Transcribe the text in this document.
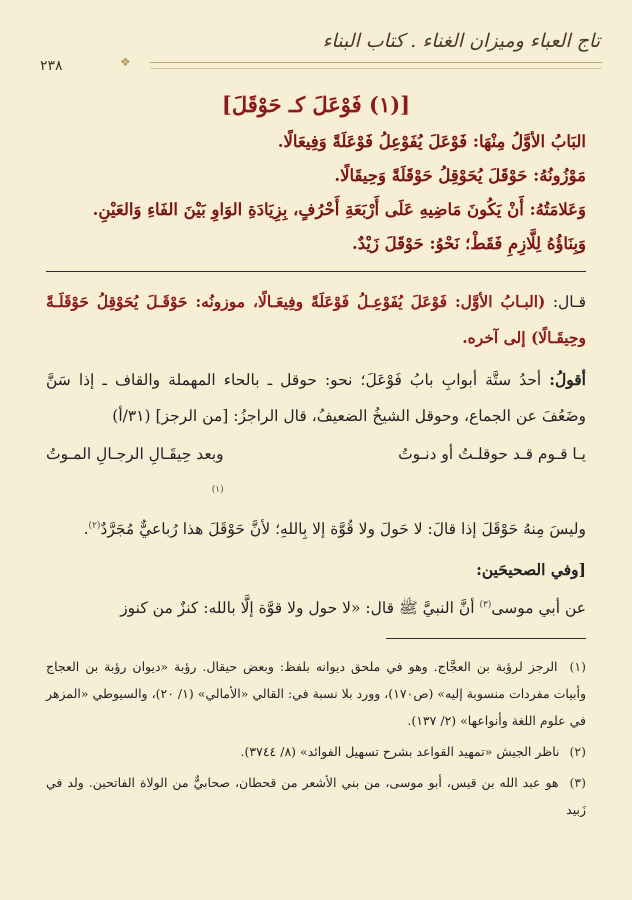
تاج العباء وميزان الغناء . كتاب البناء
❖
٢٣٨
[(١) فَوْعَلَ كـ حَوْقَلَ]

البَابُ الأوَّلُ مِنْهَا: فَوْعَلَ يُفَوْعِلُ فَوْعَلَةً وَفِيعَالًا.

مَوْزُونُهُ: حَوْقَلَ يُحَوْقِلُ حَوْقَلَةً وَحِيقَالًا.

وَعَلامَتُهُ: أَنْ يَكُونَ مَاضِيهِ عَلَى أَرْبَعَةِ أَحْرُفٍ، بِزِيَادَةِ الوَاوِ بَيْنَ الفَاءِ وَالعَيْنِ.

وَبِنَاؤُهُ لِلَّازِمِ فَقَطْ؛ نَحْوُ: حَوْقَلَ زَيْدٌ.

قـال: (البـابُ الأوَّل: فَوْعَلَ يُفَوْعِـلُ فَوْعَلَةً وفِيعَـالًا، موزونُه: حَوْقَـلَ يُحَوْقِلُ حَوْقَلَـةً وحِيقَـالًا) إلى آخره.

أقولُ: أحدُ ستَّة أبوابِ بابُ فَوْعَلَ؛ نحو: حوقل ـ بالحاء المهملة والقاف ـ إذا سَنَّ وضَعُفَ عن الجماع، وحوقل الشيخُ الضعيفُ، قال الراجزُ: [من الرجز] (٣١/أ)

يـا قـوم قـد حوقلـتُ أو دنـوتُ
وبعد حِيقَـالِ الرجـالِ المـوتُ
(١)

وليسَ مِنهُ حَوْقَلَ إذا قالَ: لا حَولَ ولا قُوَّة إلا بِاللهِ؛ لأنَّ حَوْقَلَ هذا رُباعيٌّ مُجَرَّدٌ$^{(٢)}$.

[وفي الصحيحَين:

عن أبي موسى$^{(٣)}$ أنَّ النبيَّ ﷺ قال: «لا حول ولا قوَّة إلَّا بالله: كنزٌ من كنوز

(١) الرجز لرؤبة بن العجَّاج. وهو في ملحق ديوانه بلفظ: وبعض حيقال. رؤبة «ديوان رؤبة بن العجاج وأبيات مفردات منسوبة إليه» (ص١٧٠)، وورد بلا نسبة في: القالي «الأمالي» (١/ ٢٠)، والسيوطي «المزهر في علوم اللغة وأنواعها» (٢/ ١٣٧).

(٢) ناظر الجيش «تمهيد القواعد بشرح تسهيل الفوائد» (٨/ ٣٧٤٤).

(٣) هو عبد الله بن قيس، أبو موسى، من بني الأشعر من قحطان، صحابيٌّ من الولاة الفاتحين. ولد في زَبيد
